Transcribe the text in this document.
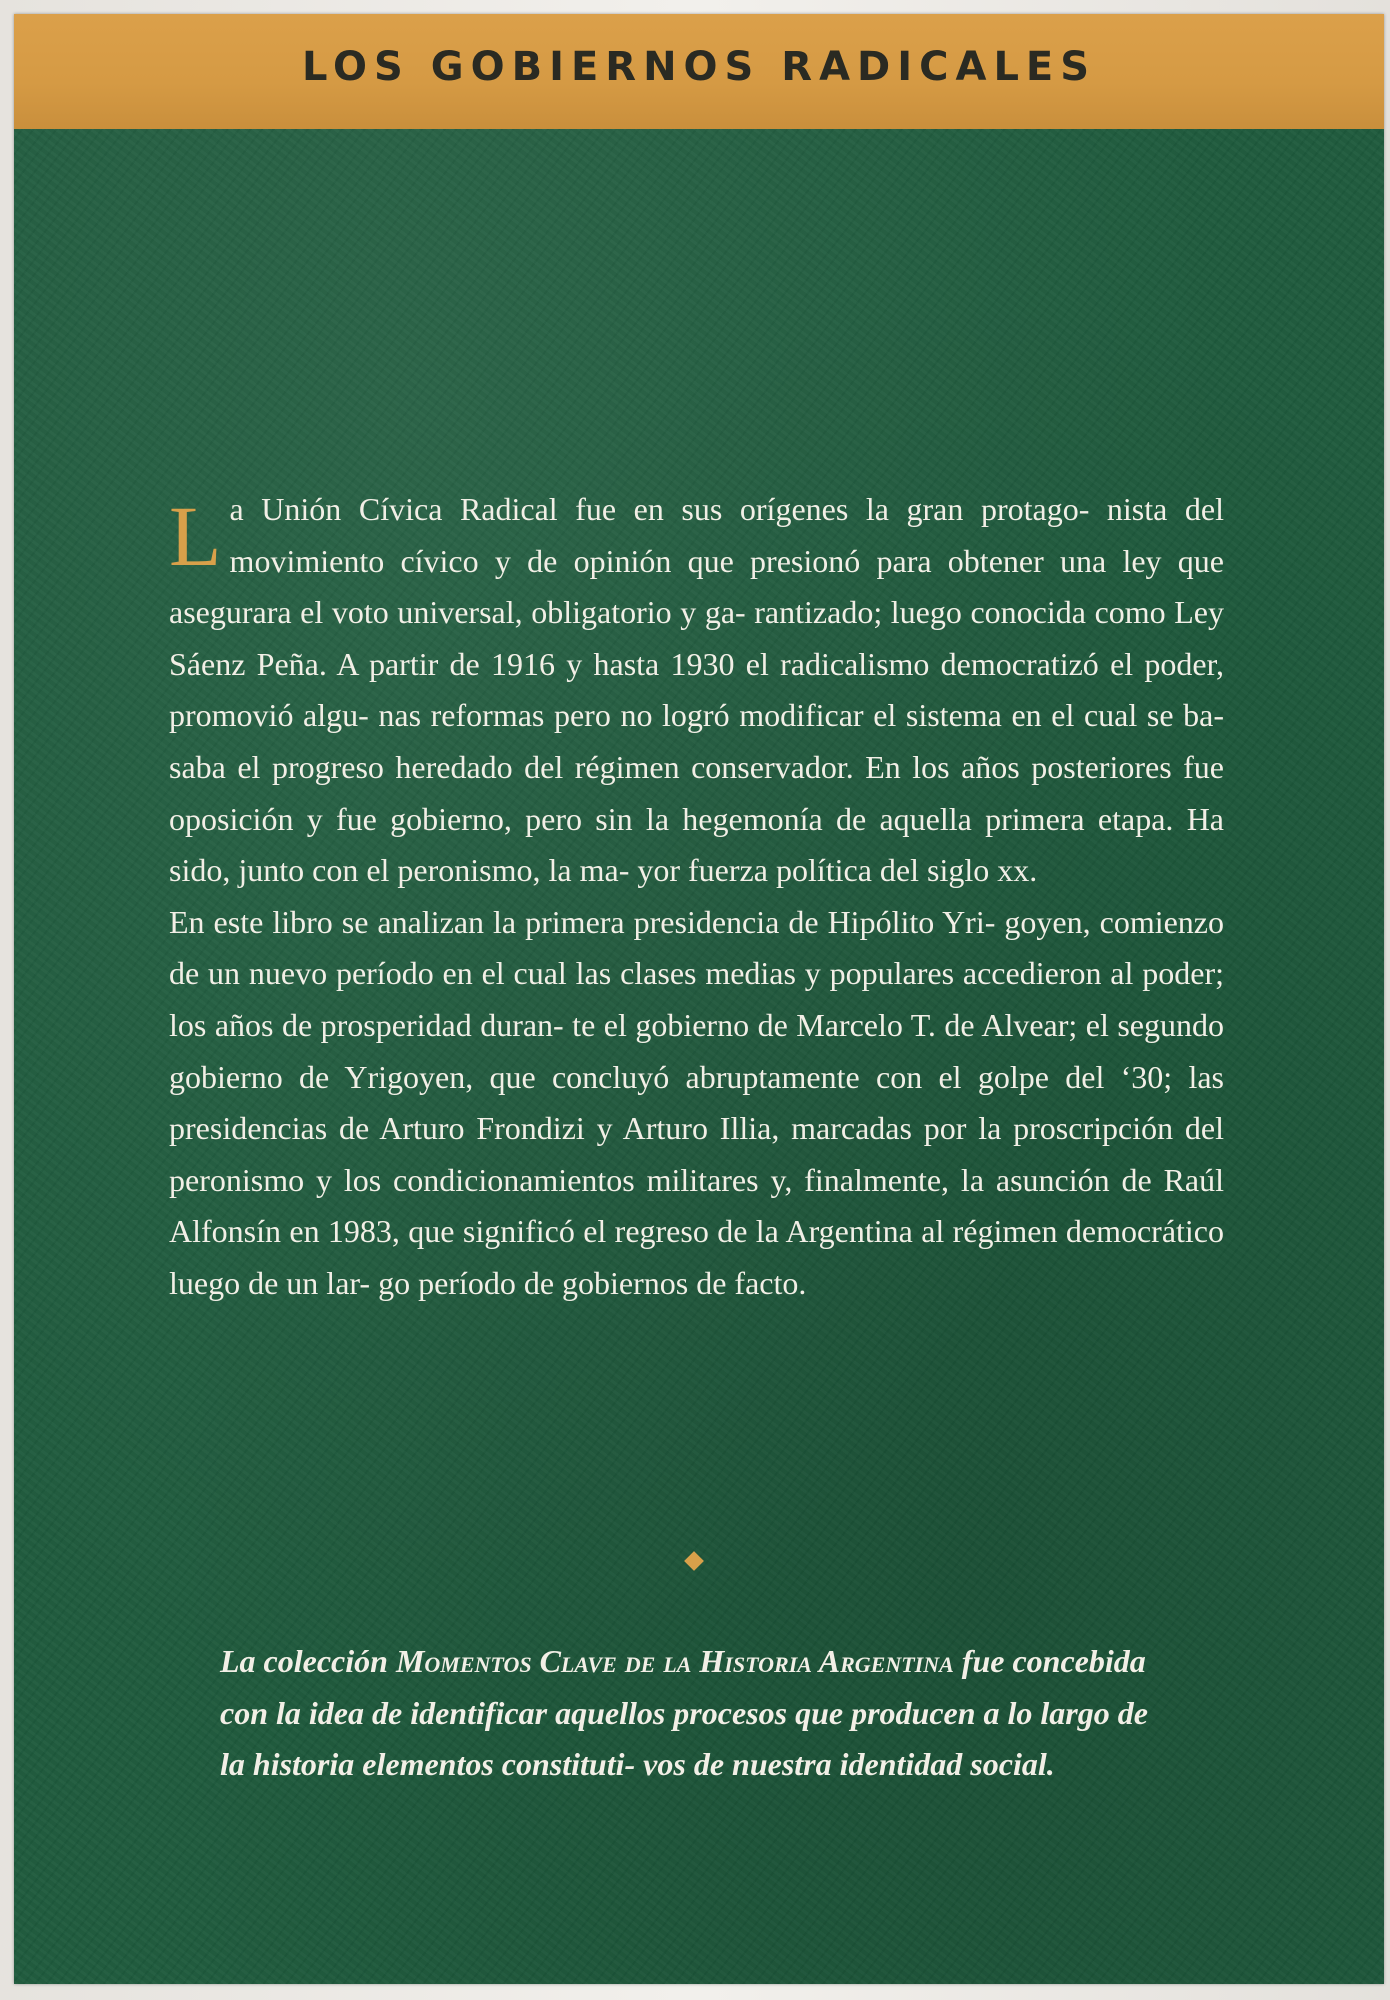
LOS GOBIERNOS RADICALES

La Unión Cívica Radical fue en sus orígenes la gran protago- nista del movimiento cívico y de opinión que presionó para obtener una ley que asegurara el voto universal, obligatorio y ga- rantizado; luego conocida como Ley Sáenz Peña. A partir de 1916 y hasta 1930 el radicalismo democratizó el poder, promovió algu- nas reformas pero no logró modificar el sistema en el cual se ba- saba el progreso heredado del régimen conservador. En los años posteriores fue oposición y fue gobierno, pero sin la hegemonía de aquella primera etapa. Ha sido, junto con el peronismo, la ma- yor fuerza política del siglo xx.

En este libro se analizan la primera presidencia de Hipólito Yri- goyen, comienzo de un nuevo período en el cual las clases medias y populares accedieron al poder; los años de prosperidad duran- te el gobierno de Marcelo T. de Alvear; el segundo gobierno de Yrigoyen, que concluyó abruptamente con el golpe del ‘30; las presidencias de Arturo Frondizi y Arturo Illia, marcadas por la proscripción del peronismo y los condicionamientos militares y, finalmente, la asunción de Raúl Alfonsín en 1983, que significó el regreso de la Argentina al régimen democrático luego de un lar- go período de gobiernos de facto.

La colección Momentos Clave de la Historia Argentina fue concebida con la idea de identificar aquellos procesos que producen a lo largo de la historia elementos constituti- vos de nuestra identidad social.
